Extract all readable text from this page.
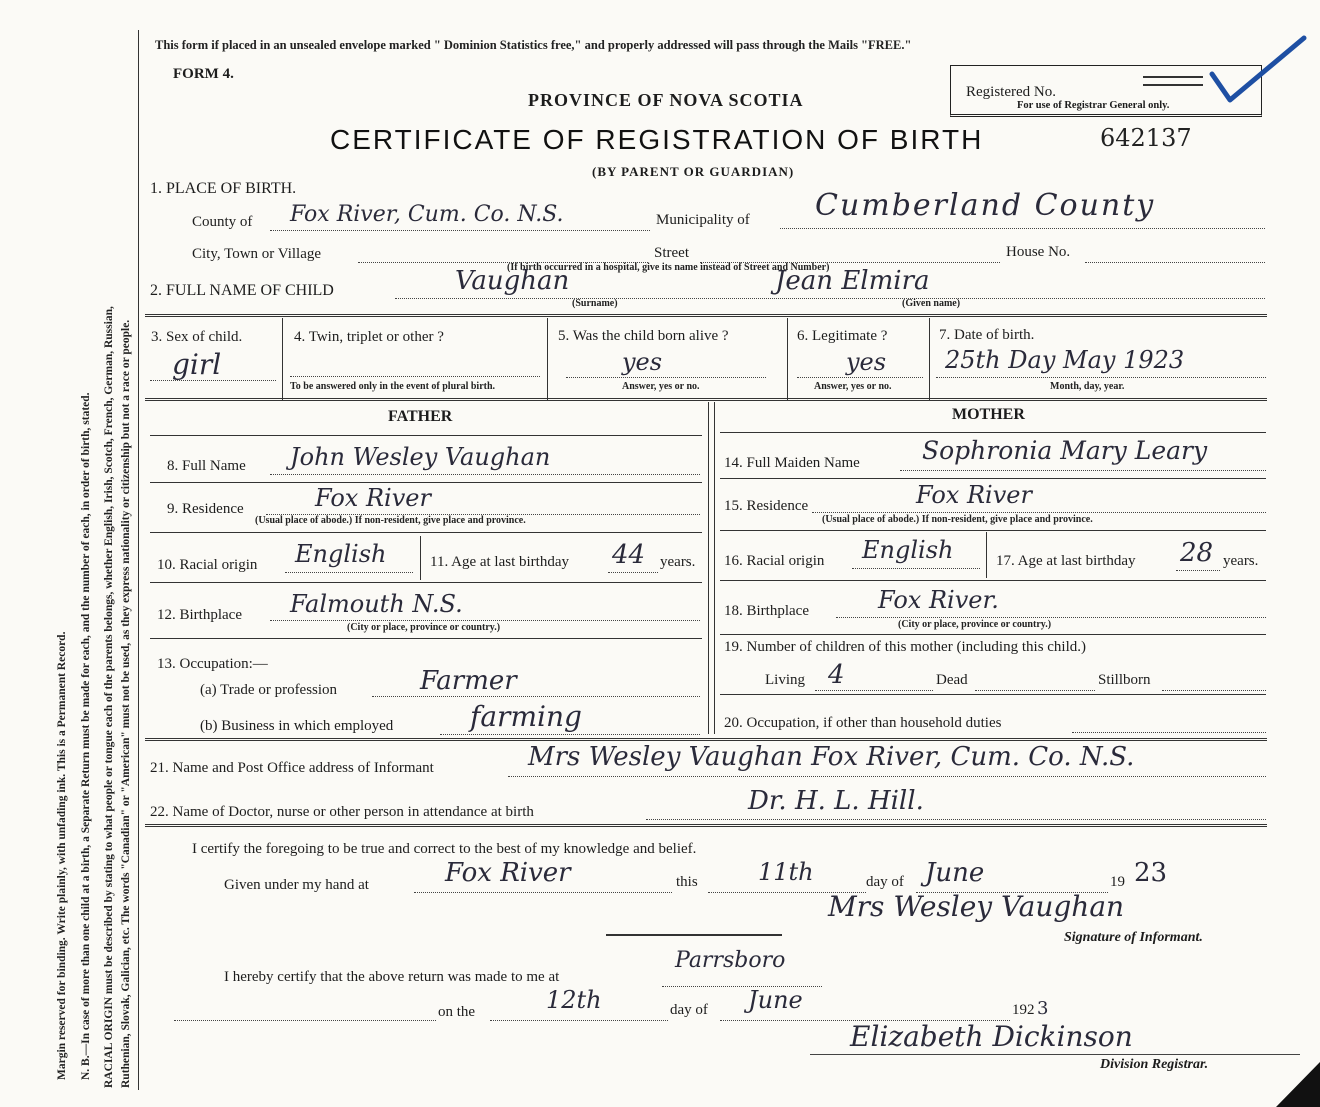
Margin reserved for binding. Write plainly, with unfading ink. This is a Permanent Record. N. B.—In case of more than one child at a birth, a Separate Return must be made for each, and the number of each, in order of birth, stated. RACIAL ORIGIN must be described by stating to what people or tongue each of the parents belongs, whether English, Irish, Scotch, French, German, Russian, Ruthenian, Slovak, Galician, etc. The words "Canadian" or "American" must not be used, as they express nationality or citizenship but not a race or people.
This form if placed in an unsealed envelope marked " Dominion Statistics free," and properly addressed will pass through the Mails "FREE."
FORM 4.
PROVINCE OF NOVA SCOTIA
CERTIFICATE OF REGISTRATION OF BIRTH	642137
(BY PARENT OR GUARDIAN)
Registered No.
For use of Registrar General only.
1. PLACE OF BIRTH.
County of Fox River, Cum. Co. N.S.	Municipality of Cumberland County
City, Town or Village	Street	House No.
(If birth occurred in a hospital, give its name instead of Street and Number)
2. FULL NAME OF CHILD	Vaughan	Jean Elmira
(Surname)	(Given name)
3. Sex of child.
girl
4. Twin, triplet or other ?
To be answered only in the event of plural birth.
5. Was the child born alive ?
yes
Answer, yes or no.
6. Legitimate ?
yes
Answer, yes or no.
7. Date of birth.
25th Day May 1923
Month, day, year.
FATHER	MOTHER
8. Full Name John Wesley Vaughan
9. Residence	Fox River
(Usual place of abode.) If non-resident, give place and province.
10. Racial origin English	11. Age at last birthday 44 years.
12. Birthplace Falmouth N.S.
(City or place, province or country.)
13. Occupation:—
(a) Trade or profession	Farmer
(b) Business in which employed	farming
14. Full Maiden Name Sophronia Mary Leary
15. Residence	Fox River
(Usual place of abode.) If non-resident, give place and province.
16. Racial origin English	17. Age at last birthday 28 years.
18. Birthplace	Fox River.
(City or place, province or country.)
19. Number of children of this mother (including this child.)
Living 4	Dead	Stillborn
20. Occupation, if other than household duties
21. Name and Post Office address of Informant	Mrs Wesley Vaughan Fox River, Cum. Co. N.S.
22. Name of Doctor, nurse or other person in attendance at birth	Dr. H. L. Hill.
I certify the foregoing to be true and correct to the best of my knowledge and belief.
Given under my hand at	Fox River	this	11th	day of June	19 23
Mrs Wesley Vaughan
Signature of Informant.
I hereby certify that the above return was made to me at
Parrsboro
on the	12th	day of June	192 3
Elizabeth Dickinson
Division Registrar.
